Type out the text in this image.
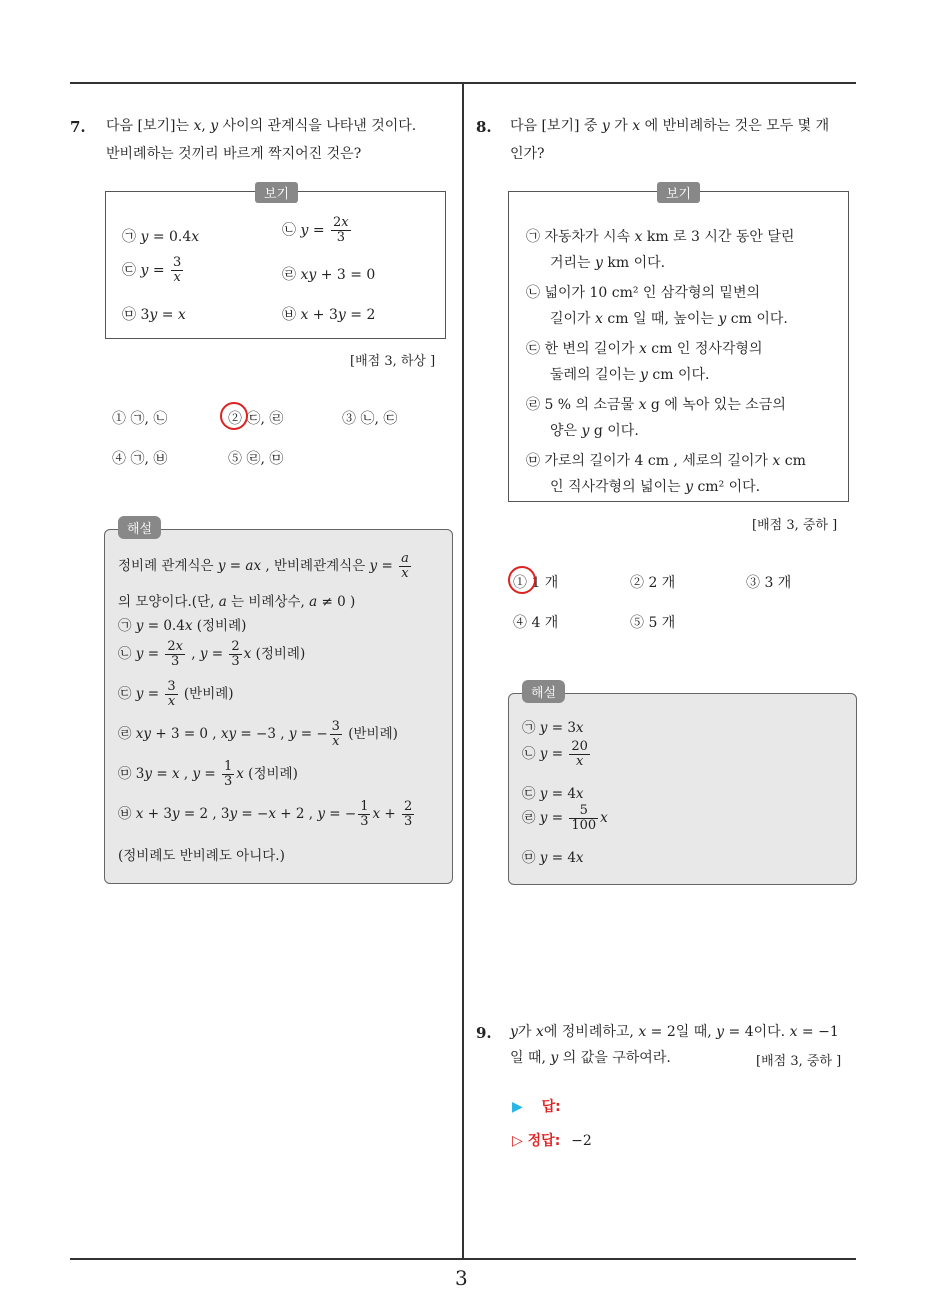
3
7. 다음 [보기]는 x, y 사이의 관계식을 나타낸 것이다.
반비례하는 것끼리 바르게 짝지어진 것은?
보기
㉠ y = 0.4x	㉡ $y = \frac{2x}{3}$
㉢ $y = \frac{3}{x}$	㉣ xy + 3 = 0
㉤ 3y = x	㉥ x + 3y = 2
[배점 3, 하상 ]
① ㉠, ㉡	② ㉢, ㉣	③ ㉡, ㉢
④ ㉠, ㉥	⑤ ㉣, ㉤
해설
정비례 관계식은 y = ax , 반비례관계식은 $y = \frac{a}{x}$
의 모양이다.(단, a 는 비례상수, a ≠ 0 )
㉠ y = 0.4x (정비례)
㉡ $y = \frac{2x}{3}$ , $y = \frac{2}{3}$ x (정비례)
㉢ $y = \frac{3}{x}$ (반비례)
㉣ xy + 3 = 0 , xy = −3 , y = − $\frac{3}{x}$ (반비례)
㉤ 3y = x , $y = \frac{1}{3}$ x (정비례)
㉥ x + 3y = 2 , 3y = −x + 2 , y = − $\frac{1}{3}$ $x + \frac{2}{3}$
(정비례도 반비례도 아니다.)
8. 다음 [보기] 중 y 가 x 에 반비례하는 것은 모두 몇 개
인가?
보기
㉠ 자동차가 시속 x km 로 3 시간 동안 달린
거리는 y km 이다.
㉡ 넓이가 10 cm² 인 삼각형의 밑변의
길이가 x cm 일 때, 높이는 y cm 이다.
㉢ 한 변의 길이가 x cm 인 정사각형의
둘레의 길이는 y cm 이다.
㉣ 5 % 의 소금물 x g 에 녹아 있는 소금의
양은 y g 이다.
㉤ 가로의 길이가 4 cm , 세로의 길이가 x cm
인 직사각형의 넓이는 y cm² 이다.
[배점 3, 중하 ]
① 1 개	② 2 개	③ 3 개
④ 4 개	⑤ 5 개
해설
㉠ y = 3x
㉡ $y = \frac{20}{x}$
㉢ y = 4x
㉣ $y = \frac{5}{100}$ x
㉤ y = 4x
9. y가 x에 정비례하고, x = 2일 때, y = 4이다. x = −1
일 때, y 의 값을 구하여라.	[배점 3, 중하 ]
▶ 답:
▷ 정답: −2
